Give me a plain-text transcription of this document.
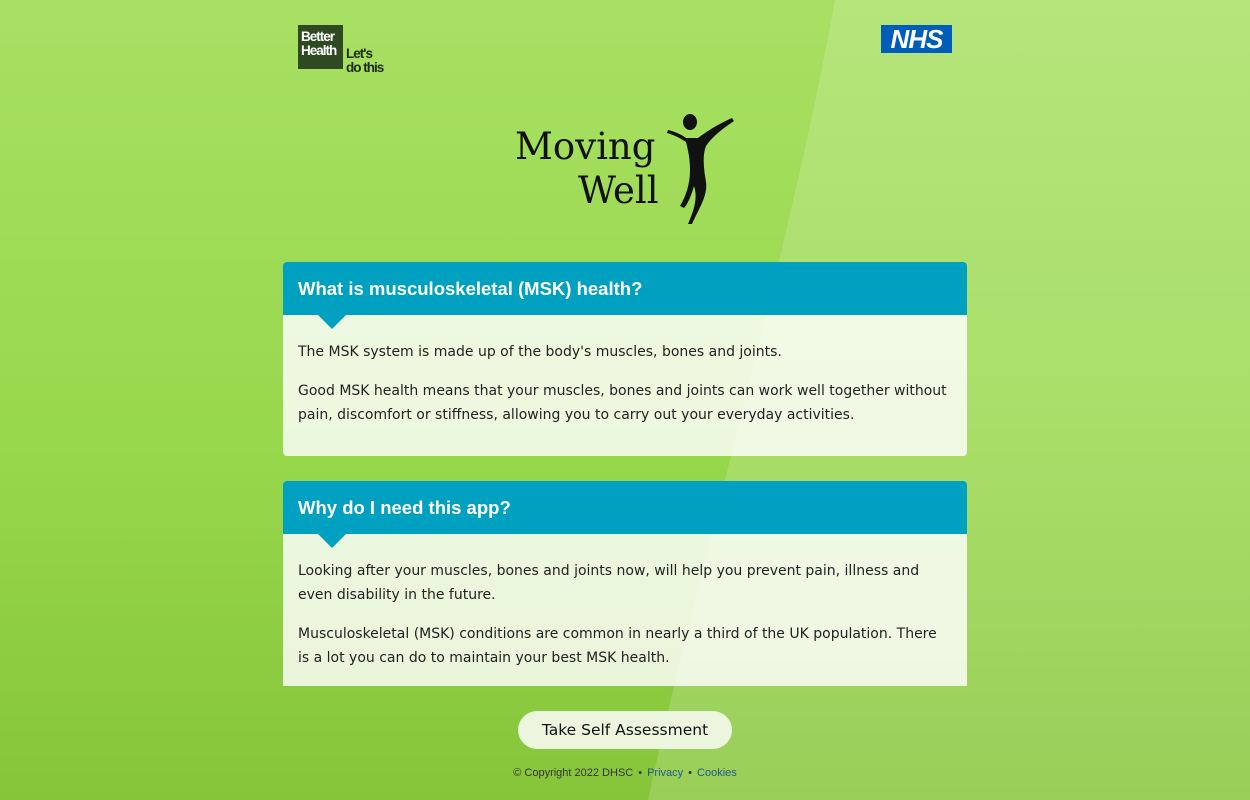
Better
Health Let's
do this
NHS
Moving
Well
What is musculoskeletal (MSK) health?

The MSK system is made up of the body's muscles, bones and joints.

Good MSK health means that your muscles, bones and joints can work well together without pain, discomfort or stiffness, allowing you to carry out your everyday activities.

Why do I need this app?

Looking after your muscles, bones and joints now, will help you prevent pain, illness and even disability in the future.

Musculoskeletal (MSK) conditions are common in nearly a third of the UK population. There is a lot you can do to maintain your best MSK health.

Take Self Assessment
© Copyright 2022 DHSC • Privacy • Cookies
